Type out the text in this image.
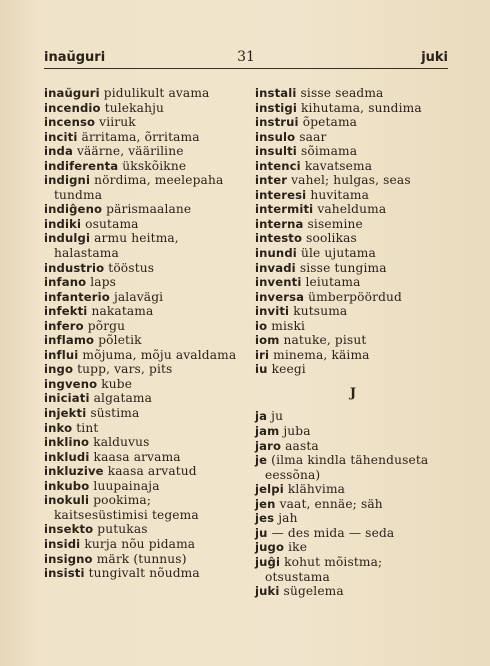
inaŭguri	31	juki
inaŭguri pidulikult avama
incendio tulekahju
incenso viiruk
inciti ärritama, õrritama
inda väärne, vääriline
indiferenta ükskõikne
indigni nördima, meelepaha tundma
indiĝeno pärismaalane
indiki osutama
indulgi armu heitma, halastama
industrio tööstus
infano laps
infanterio jalavägi
infekti nakatama
infero põrgu
inflamo põletik
influi mõjuma, mõju avaldama
ingo tupp, vars, pits
ingveno kube
iniciati algatama
injekti süstima
inko tint
inklino kalduvus
inkludi kaasa arvama
inkluzive kaasa arvatud
inkubo luupainaja
inokuli pookima; kaitsesüstimisi tegema
insekto putukas
insidi kurja nõu pidama
insigno märk (tunnus)
insisti tungivalt nõudma
instali sisse seadma
instigi kihutama, sundima
instrui õpetama
insulo saar
insulti sõimama
intenci kavatsema
inter vahel; hulgas, seas
interesi huvitama
intermiti vahelduma
interna sisemine
intesto soolikas
inundi üle ujutama
invadi sisse tungima
inventi leiutama
inversa ümberpöördud
inviti kutsuma
io miski
iom natuke, pisut
iri minema, käima
iu keegi
J
ja ju
jam juba
jaro aasta
je (ilma kindla tähenduseta eessõna)
jelpi klähvima
jen vaat, ennäe; säh
jes jah
ju — des mida — seda
jugo ike
juĝi kohut mõistma; otsustama
juki sügelema
